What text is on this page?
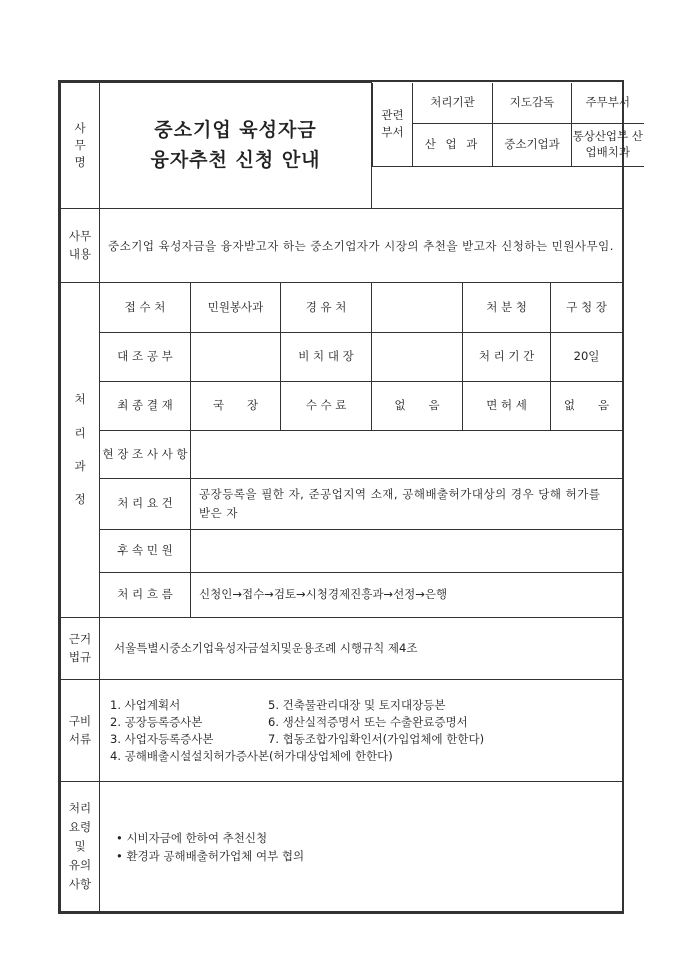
사
무
명

중소기업 육성자금
융자추천 신청 안내

관련
부서
	처리기관	지도감독	주무부서
산 업 과	중소기업과	통상산업부 산업배치과

사무
내용
	중소기업 육성자금을 융자받고자 하는 중소기업자가 시장의 추천을 받고자 신청하는 민원사무임.

처
리
과
정
	접 수 처	민원봉사과	경 유 처		처 분 청	구 청 장
대 조 공 부		비 치 대 장		처 리 기 간	20일
최 종 결 재	국　　장	수 수 료	없　　음	면 허 세	없　　음
현 장 조 사 사 항	
처 리 요 건	공장등록을 필한 자, 준공업지역 소재, 공해배출허가대상의 경우 당해 허가를 받은 자
후 속 민 원	
처 리 흐 름	신청인→접수→검토→시청경제진흥과→선정→은행

근거
법규
	서울특별시중소기업육성자금설치및운용조례 시행규칙 제4조

구비
서류

1. 사업계획서	5. 건축물관리대장 및 토지대장등본
2. 공장등록증사본	6. 생산실적증명서 또는 수출완료증명서
3. 사업자등록증사본	7. 협동조합가입확인서(가입업체에 한한다)
4. 공해배출시설설치허가증사본(허가대상업체에 한한다)

처리
요령
및
유의
사항

• 시비자금에 한하여 추천신청
• 환경과 공해배출허가업체 여부 협의
